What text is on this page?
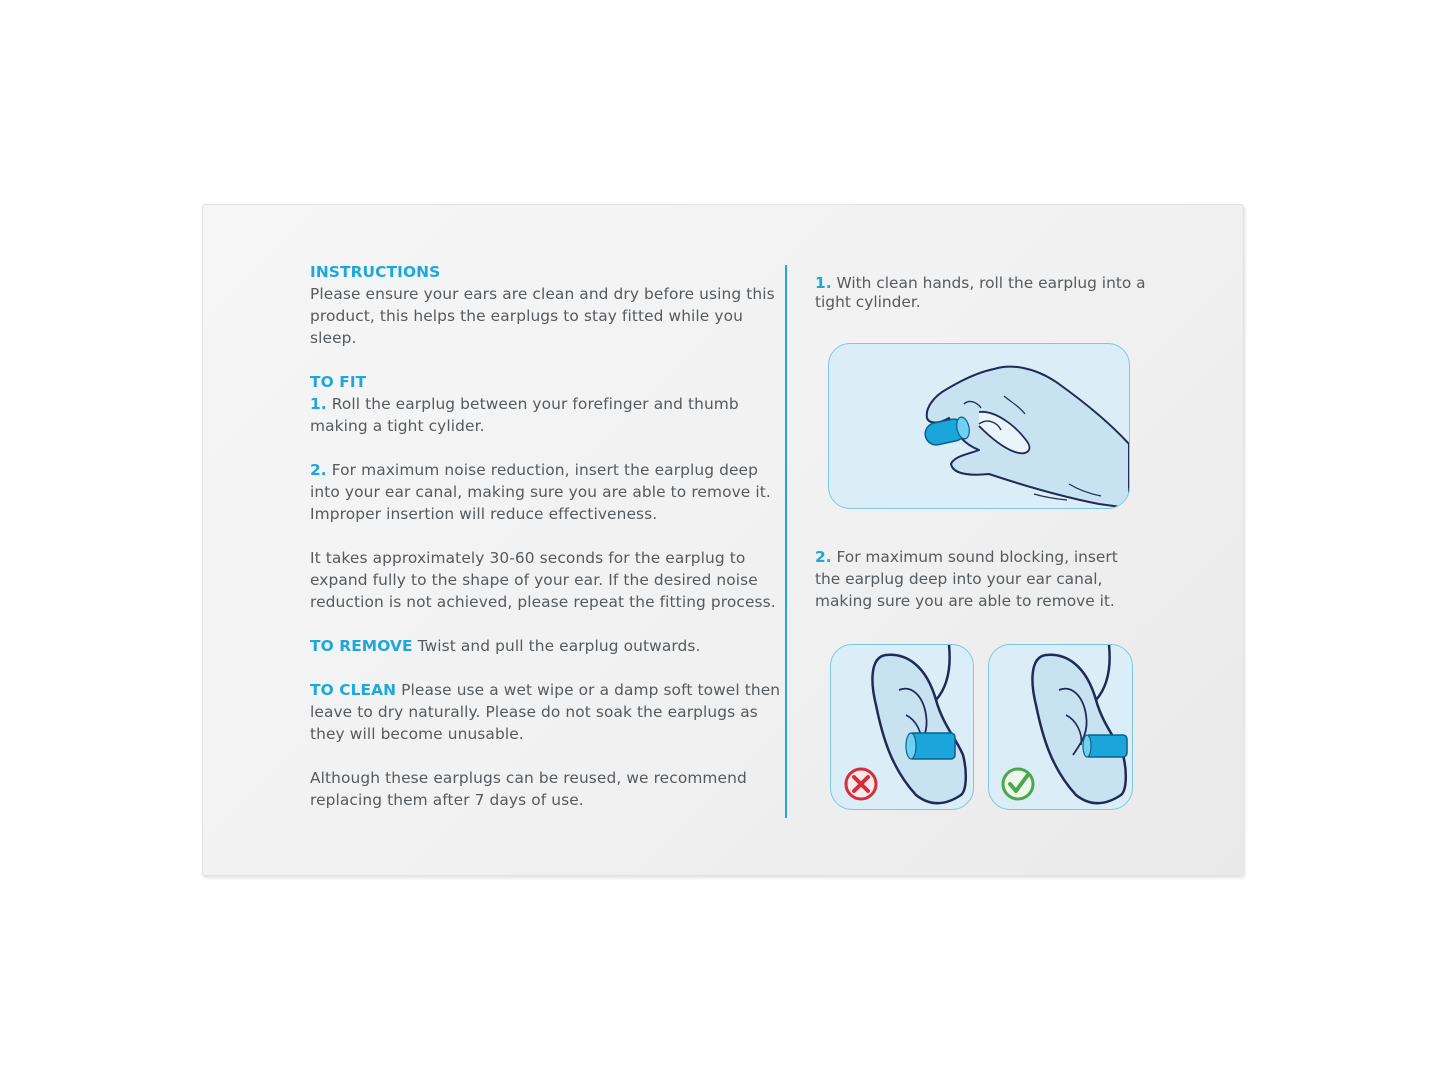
INSTRUCTIONS
Please ensure your ears are clean and dry before using this product, this helps the earplugs to stay fitted while you sleep.

TO FIT
1. Roll the earplug between your forefinger and thumb making a tight cylider.

2. For maximum noise reduction, insert the earplug deep into your ear canal, making sure you are able to remove it. Improper insertion will reduce effectiveness.

It takes approximately 30-60 seconds for the earplug to expand fully to the shape of your ear. If the desired noise reduction is not achieved, please repeat the fitting process.

TO REMOVE Twist and pull the earplug outwards.

TO CLEAN Please use a wet wipe or a damp soft towel then leave to dry naturally. Please do not soak the earplugs as they will become unusable.

Although these earplugs can be reused, we recommend replacing them after 7 days of use.

1. With clean hands, roll the earplug into a tight cylinder.

2. For maximum sound blocking, insert the earplug deep into your ear canal, making sure you are able to remove it.
